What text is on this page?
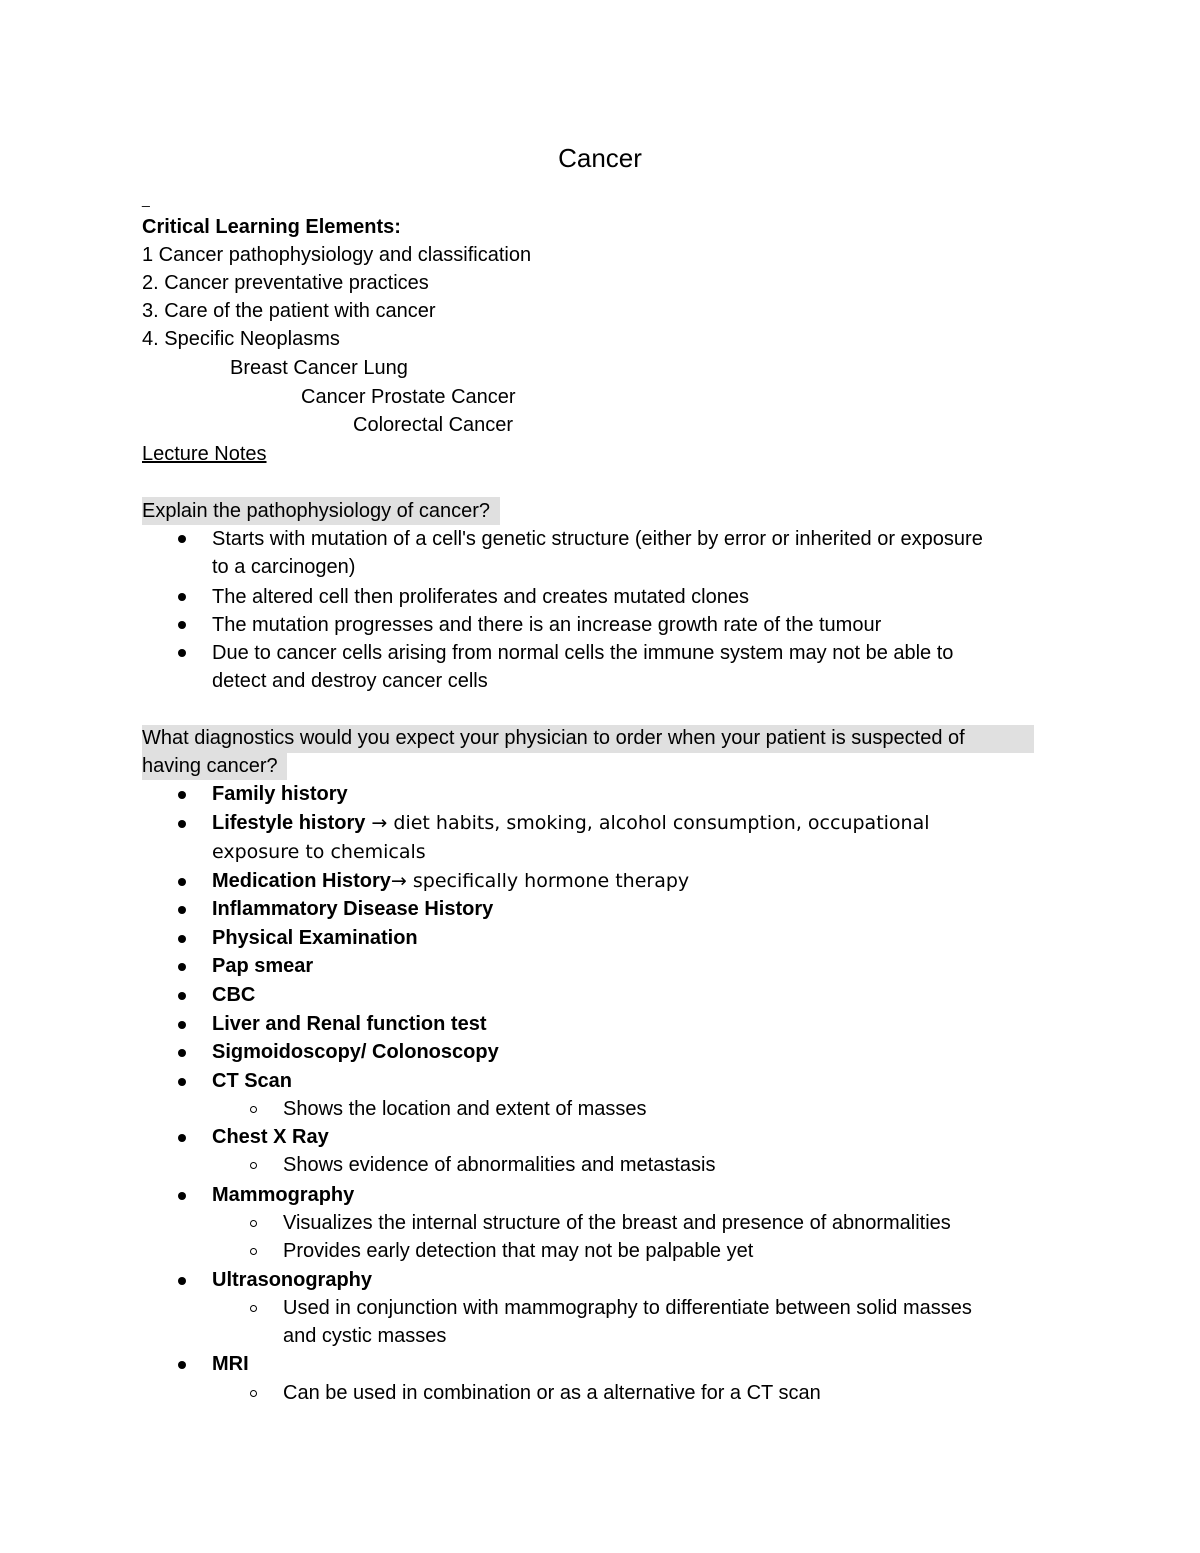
Cancer
_
Critical Learning Elements:
1 Cancer pathophysiology and classification
2. Cancer preventative practices
3. Care of the patient with cancer
4. Specific Neoplasms
Breast Cancer Lung
Cancer Prostate Cancer
Colorectal Cancer
Lecture Notes
Explain the pathophysiology of cancer?
Starts with mutation of a cell's genetic structure (either by error or inherited or exposure
to a carcinogen)
The altered cell then proliferates and creates mutated clones
The mutation progresses and there is an increase growth rate of the tumour
Due to cancer cells arising from normal cells the immune system may not be able to
detect and destroy cancer cells
What diagnostics would you expect your physician to order when your patient is suspected of
having cancer?
Family history
Lifestyle history → diet habits, smoking, alcohol consumption, occupational
exposure to chemicals
Medication History→ specifically hormone therapy
Inflammatory Disease History
Physical Examination
Pap smear
CBC
Liver and Renal function test
Sigmoidoscopy/ Colonoscopy
CT Scan
Shows the location and extent of masses
Chest X Ray
Shows evidence of abnormalities and metastasis
Mammography
Visualizes the internal structure of the breast and presence of abnormalities
Provides early detection that may not be palpable yet
Ultrasonography
Used in conjunction with mammography to differentiate between solid masses
and cystic masses
MRI
Can be used in combination or as a alternative for a CT scan
